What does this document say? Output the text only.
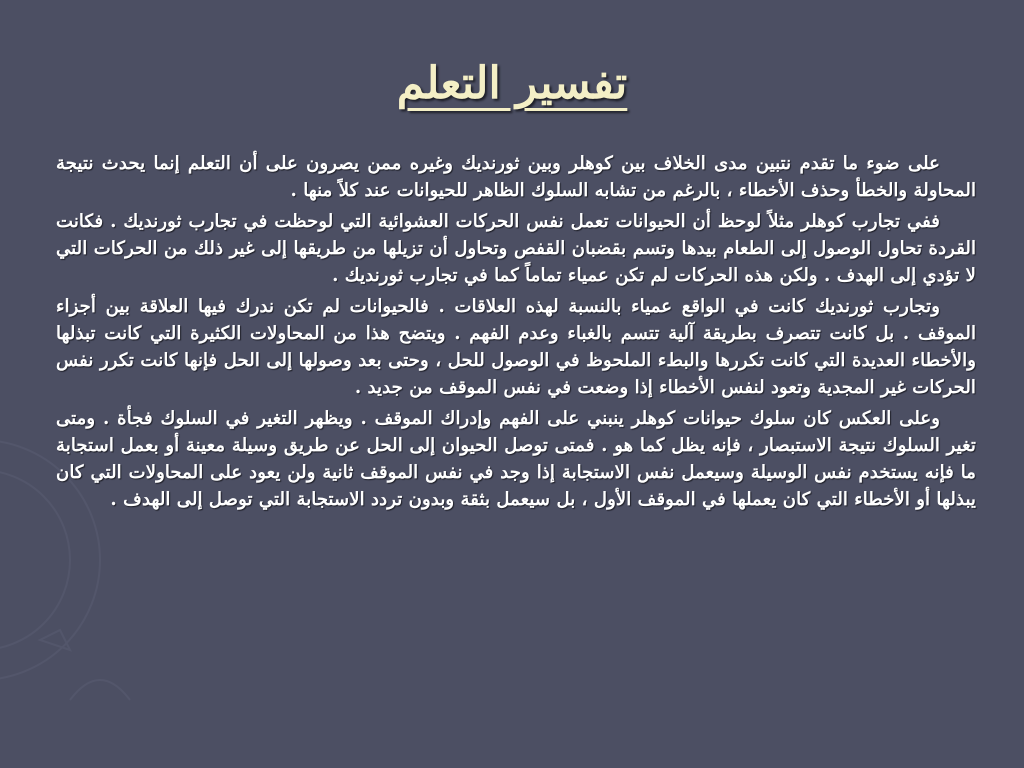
تفسير التعلم

على ضوء ما تقدم نتبين مدى الخلاف بين كوهلر وبين ثورنديك وغيره ممن يصرون على أن التعلم إنما يحدث نتيجة المحاولة والخطأ وحذف الأخطاء ، بالرغم من تشابه السلوك الظاهر للحيوانات عند كلاً منها .

ففي تجارب كوهلر مثلاً لوحظ أن الحيوانات تعمل نفس الحركات العشوائية التي لوحظت في تجارب ثورنديك . فكانت القردة تحاول الوصول إلى الطعام بيدها وتسم بقضبان القفص وتحاول أن تزيلها من طريقها إلى غير ذلك من الحركات التي لا تؤدي إلى الهدف . ولكن هذه الحركات لم تكن عمياء تماماً كما في تجارب ثورنديك .

وتجارب ثورنديك كانت في الواقع عمياء بالنسبة لهذه العلاقات . فالحيوانات لم تكن ندرك فيها العلاقة بين أجزاء الموقف . بل كانت تتصرف بطريقة آلية تتسم بالغباء وعدم الفهم . ويتضح هذا من المحاولات الكثيرة التي كانت تبذلها والأخطاء العديدة التي كانت تكررها والبطء الملحوظ في الوصول للحل ، وحتى بعد وصولها إلى الحل فإنها كانت تكرر نفس الحركات غير المجدية وتعود لنفس الأخطاء إذا وضعت في نفس الموقف من جديد .

وعلى العكس كان سلوك حيوانات كوهلر ينبني على الفهم وإدراك الموقف . ويظهر التغير في السلوك فجأة . ومتى تغير السلوك نتيجة الاستبصار ، فإنه يظل كما هو . فمتى توصل الحيوان إلى الحل عن طريق وسيلة معينة أو بعمل استجابة ما فإنه يستخدم نفس الوسيلة وسيعمل نفس الاستجابة إذا وجد في نفس الموقف ثانية ولن يعود على المحاولات التي كان يبذلها أو الأخطاء التي كان يعملها في الموقف الأول ، بل سيعمل بثقة وبدون تردد الاستجابة التي توصل إلى الهدف .
